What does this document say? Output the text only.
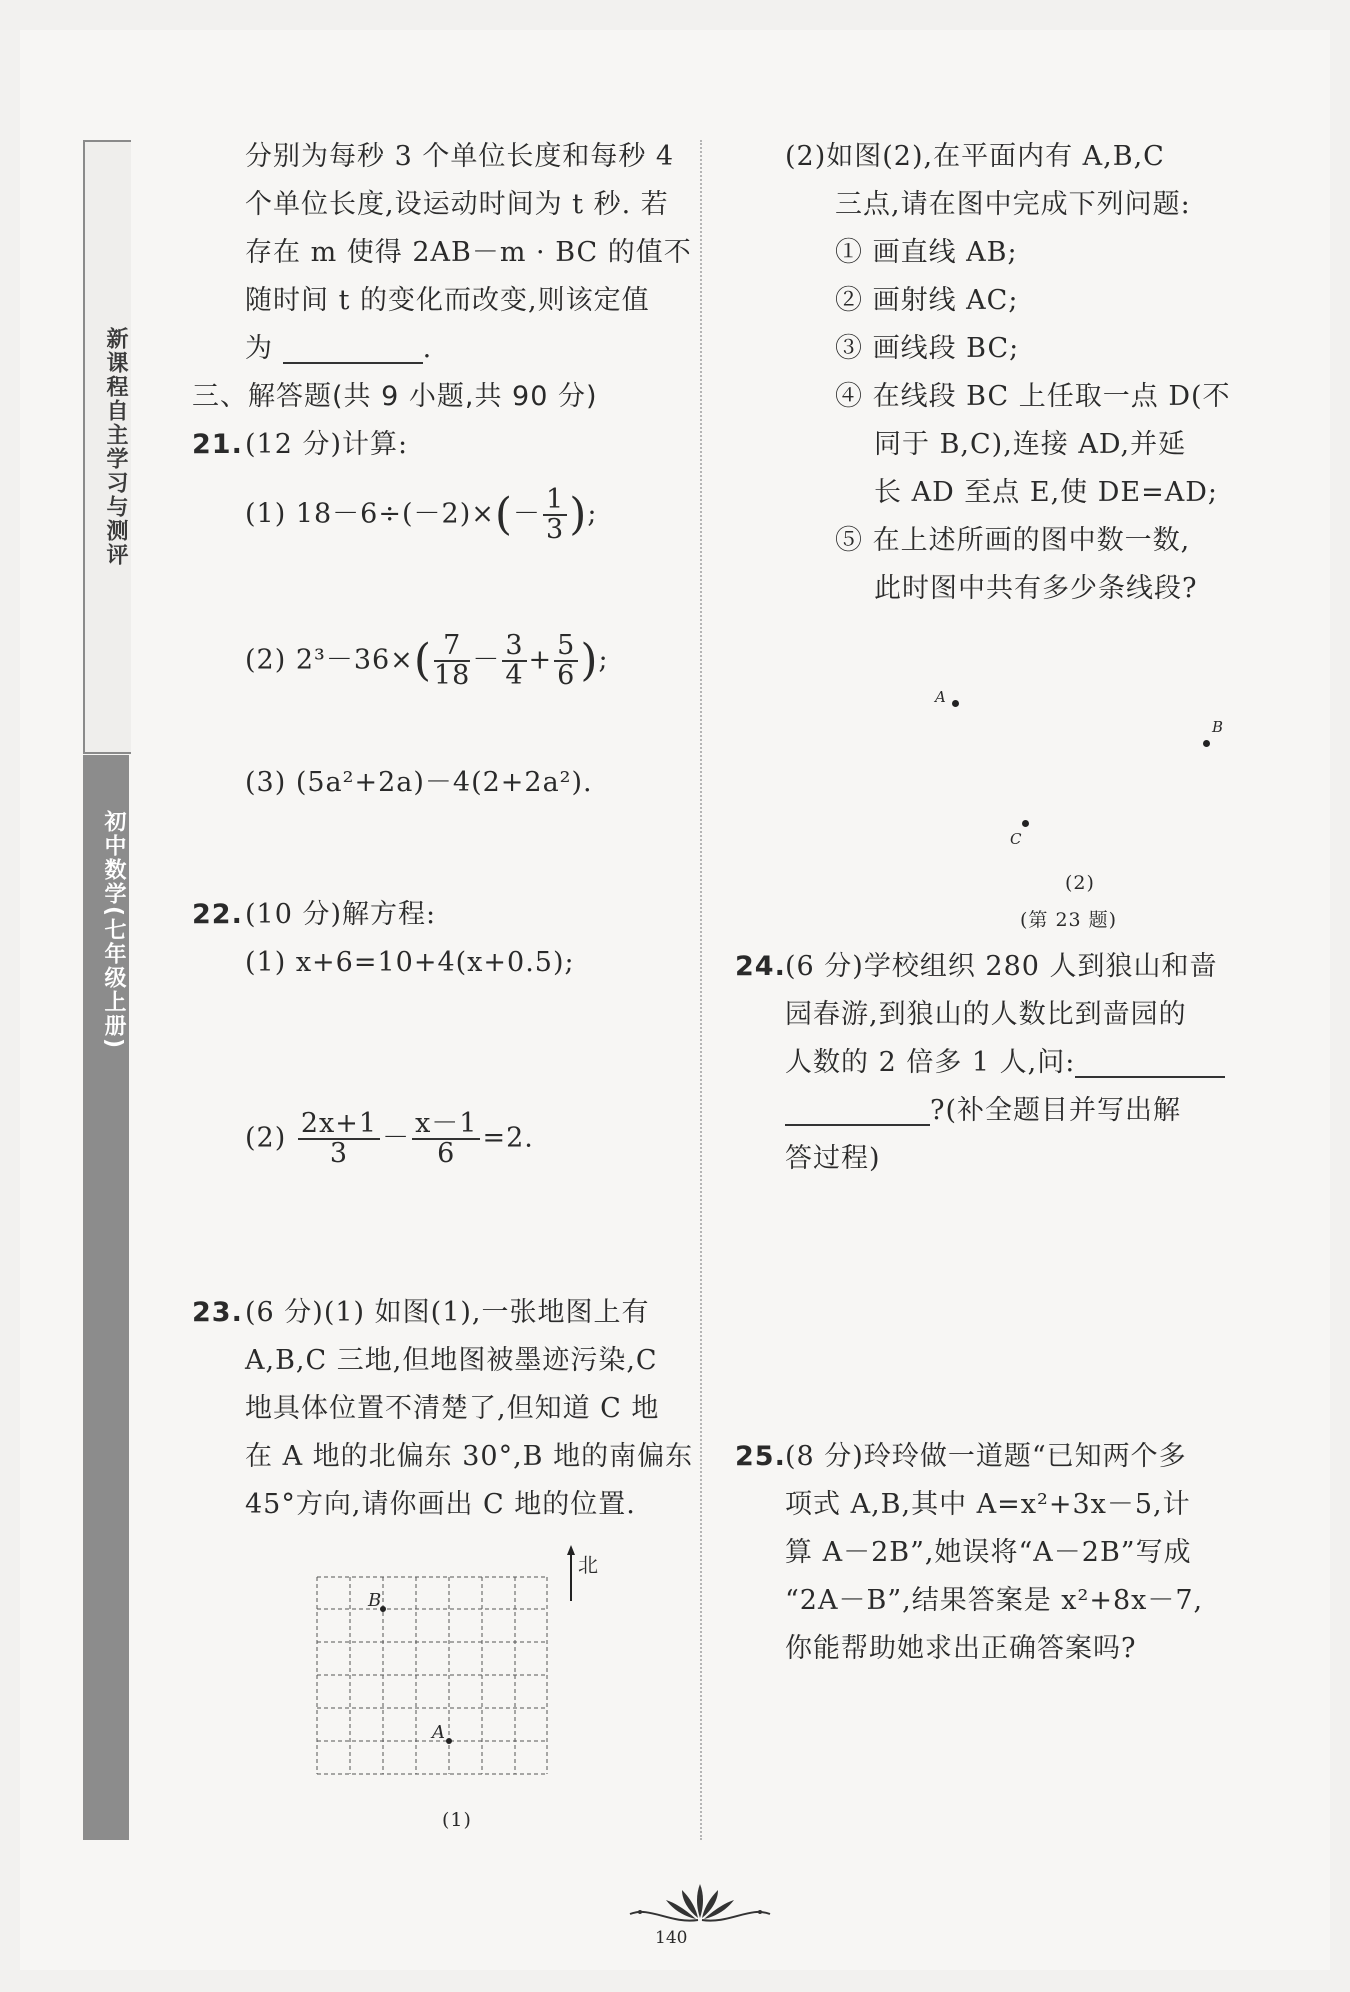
新课程自主学习与测评
初中数学(七年级上册)
分别为每秒 3 个单位长度和每秒 4
个单位长度,设运动时间为 t 秒. 若
存在 m 使得 2AB－m · BC 的值不
随时间 t 的变化而改变,则该定值
为	.
三、解答题(共 9 小题,共 90 分)
21. (12 分)计算:
(1) $18-6\div(-2)\times(- \frac{1}{3}$ );
(2) $2^3-36\times( \frac{7}{18} - \frac{3}{4} + \frac{5}{6}$ );
(3) (5a²+2a)－4(2+2a²).
22. (10 分)解方程:
(1) x+6=10+4(x+0.5);
$(2) \frac{2x+1}{3} - \frac{x-1}{6} =2$.
23. (6 分)(1) 如图(1),一张地图上有
A,B,C 三地,但地图被墨迹污染,C
地具体位置不清楚了,但知道 C 地
在 A 地的北偏东 30°,B 地的南偏东
45°方向,请你画出 C 地的位置.
B
A
北
(1)
(2)如图(2),在平面内有 A,B,C
三点,请在图中完成下列问题:
① 画直线 AB;
② 画射线 AC;
③ 画线段 BC;
④ 在线段 BC 上任取一点 D(不
同于 B,C),连接 AD,并延
长 AD 至点 E,使 DE=AD;
⑤ 在上述所画的图中数一数,
此时图中共有多少条线段?
A
B
C
(2)
(第 23 题)
24. (6 分)学校组织 280 人到狼山和啬
园春游,到狼山的人数比到啬园的
人数的 2 倍多 1 人,问:
?(补全题目并写出解
答过程)
25. (8 分)玲玲做一道题“已知两个多
项式 A,B,其中 A=x²+3x－5,计
算 A－2B”,她误将“A－2B”写成
“2A－B”,结果答案是 x²+8x－7,
你能帮助她求出正确答案吗?
140
